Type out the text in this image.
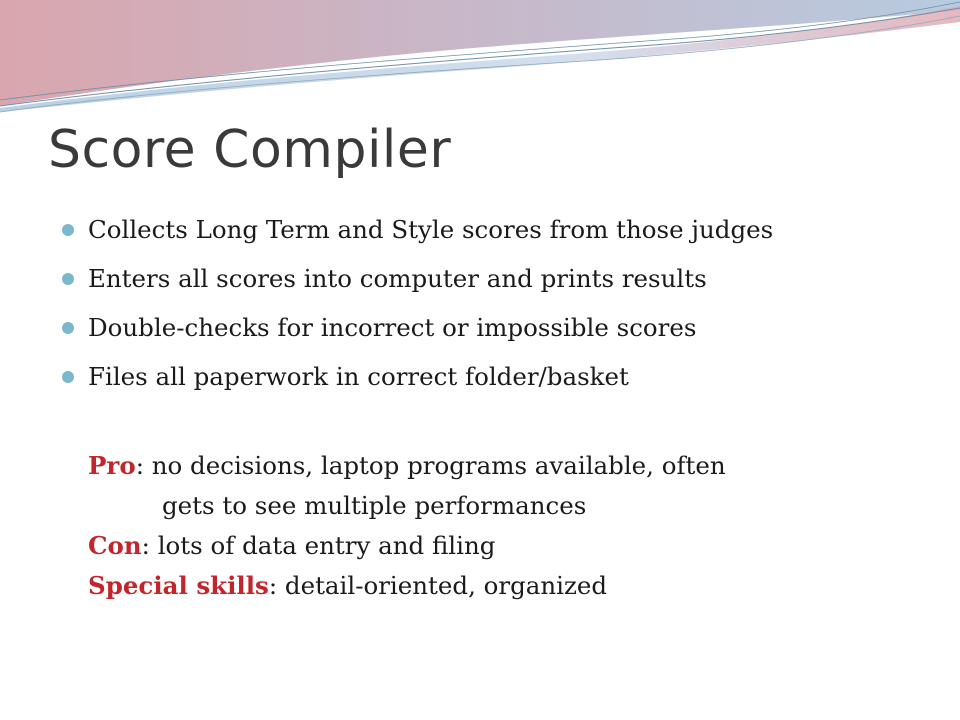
Score Compiler
Collects Long Term and Style scores from those judges
Enters all scores into computer and prints results
Double-checks for incorrect or impossible scores
Files all paperwork in correct folder/basket
Pro: no decisions, laptop programs available, often
gets to see multiple performances
Con: lots of data entry and filing
Special skills: detail-oriented, organized
